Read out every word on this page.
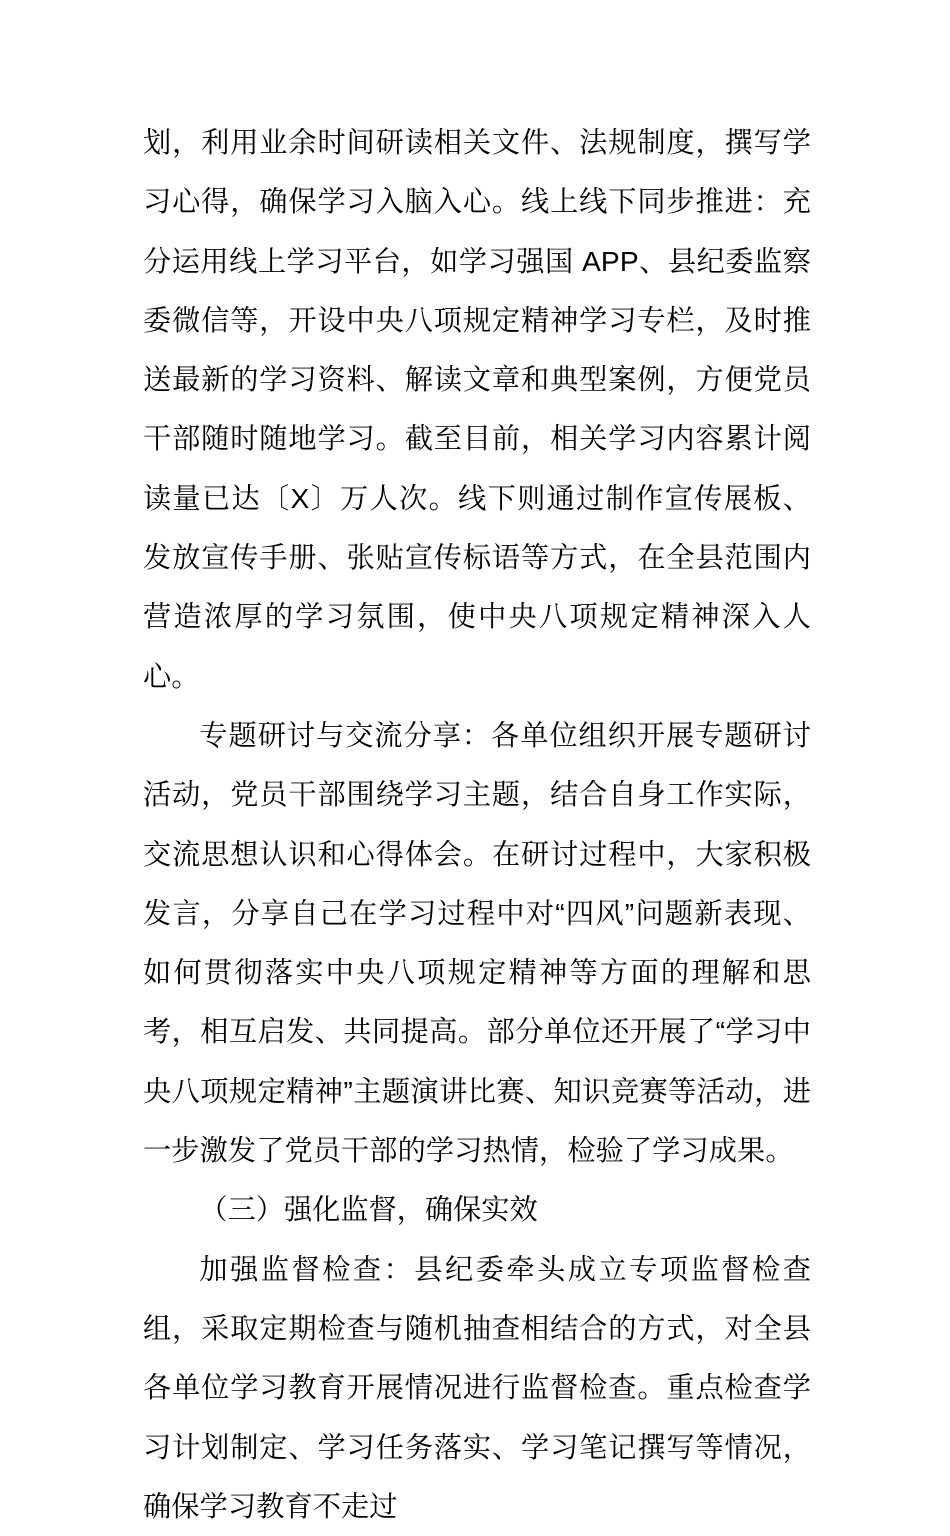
划，利用业余时间研读相关文件、法规制度，撰写学习心得，确保学习入脑入心。线上线下同步推进：充分运用线上学习平台，如学习强国 APP、县纪委监察委微信等，开设中央八项规定精神学习专栏，及时推送最新的学习资料、解读文章和典型案例，方便党员干部随时随地学习。截至目前，相关学习内容累计阅读量已达〔X〕万人次。线下则通过制作宣传展板、发放宣传手册、张贴宣传标语等方式，在全县范围内营造浓厚的学习氛围，使中央八项规定精神深入人心。

专题研讨与交流分享：各单位组织开展专题研讨活动，党员干部围绕学习主题，结合自身工作实际，交流思想认识和心得体会。在研讨过程中，大家积极发言，分享自己在学习过程中对“四风”问题新表现、如何贯彻落实中央八项规定精神等方面的理解和思考，相互启发、共同提高。部分单位还开展了“学习中央八项规定精神”主题演讲比赛、知识竞赛等活动，进一步激发了党员干部的学习热情，检验了学习成果。

（三）强化监督，确保实效

加强监督检查：县纪委牵头成立专项监督检查组，采取定期检查与随机抽查相结合的方式，对全县各单位学习教育开展情况进行监督检查。重点检查学习计划制定、学习任务落实、学习笔记撰写等情况，确保学习教育不走过
